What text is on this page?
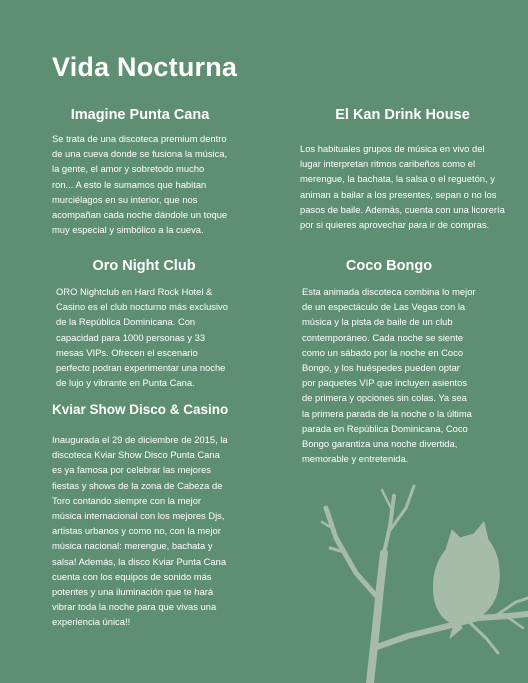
Vida Nocturna
Imagine Punta Cana

Se trata de una discoteca premium dentro de una cueva donde se fusiona la música, la gente, el amor y sobretodo mucho ron... A esto le sumamos que habitan murciélagos en su interior, que nos acompañan cada noche dándole un toque muy especial y simbólico a la cueva.

El Kan Drink House

Los habituales grupos de música en vivo del lugar interpretan ritmos caribeños como el merengue, la bachata, la salsa o el reguetón, y animan a bailar a los presentes, sepan o no los pasos de baile. Además, cuenta con una licorería por si quieres aprovechar para ir de compras.

Oro Night Club

ORO Nightclub en Hard Rock Hotel & Casino es el club nocturno más exclusivo de la República Dominicana. Con capacidad para 1000 personas y 33 mesas VIPs. Ofrecen el escenario perfecto podran experimentar una noche de lujo y vibrante en Punta Cana.

Coco Bongo

Esta animada discoteca combina lo mejor de un espectáculo de Las Vegas con la música y la pista de baile de un club contemporáneo. Cada noche se siente como un sábado por la noche en Coco Bongo, y los huéspedes pueden optar por paquetes VIP que incluyen asientos de primera y opciones sin colas. Ya sea la primera parada de la noche o la última parada en República Dominicana, Coco Bongo garantiza una noche divertida, memorable y entretenida.

Kviar Show Disco & Casino

Inaugurada el 29 de diciembre de 2015, la discoteca Kviar Show Disco Punta Cana es ya famosa por celebrar las mejores fiestas y shows de la zona de Cabeza de Toro contando siempre con la mejor música internacional con los mejores Djs, artistas urbanos y como no, con la mejor música nacional: merengue, bachata y salsa! Además, la disco Kviar Punta Cana cuenta con los equipos de sonido más potentes y una iluminación que te hará vibrar toda la noche para que vivas una experiencia única!!
